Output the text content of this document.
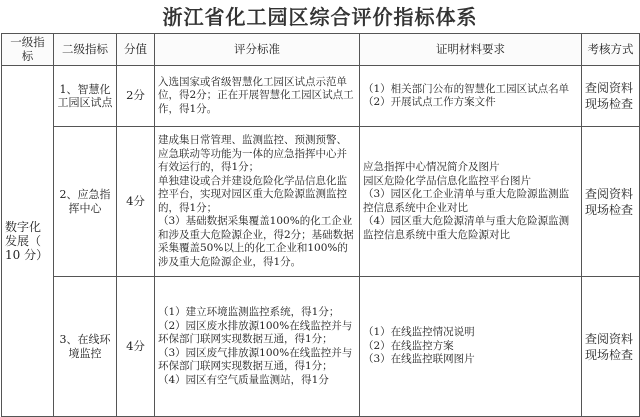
浙江省化工园区综合评价指标体系
一级指标	二级指标	分值	评分标准	证明材料要求	考核方式
数字化发展（ 10 分）	1、智慧化工园区试点	2分	入选国家或省级智慧化工园区试点示范单位，得2分；正在开展智慧化工园区试点工作，得1分。	（1）相关部门公布的智慧化工园区试点名单
（2）开展试点工作方案文件	查阅资料现场检查
	2、应急指挥中心	4分	建成集日常管理、监测监控、预测预警、应急联动等功能为一体的应急指挥中心并有效运行的，得1分；
单独建设或合并建设危险化学品信息化监控平台，实现对园区重大危险源监测监控的，得1分；
（3）基础数据采集覆盖100%的化工企业和涉及重大危险源企业，得2分；基础数据采集覆盖50%以上的化工企业和100%的涉及重大危险源企业，得1分。	应急指挥中心情况简介及图片
园区危险化学品信息化监控平台图片
（3）园区化工企业清单与重大危险源监测监控信息系统中企业对比
（4）园区重大危险源清单与重大危险源监测监控信息系统中重大危险源对比	查阅资料现场检查
	3、在线环境监控	4分	（1）建立环境监测监控系统，得1分；
（2）园区废水排放源100%在线监控并与环保部门联网实现数据互通，得1分；
（3）园区废气排放源100%在线监控并与环保部门联网实现数据互通，得1分；
（4）园区有空气质量监测站，得1分	（1）在线监控情况说明
（2）在线监控方案
（3）在线监控联网图片	查阅资料现场检查
